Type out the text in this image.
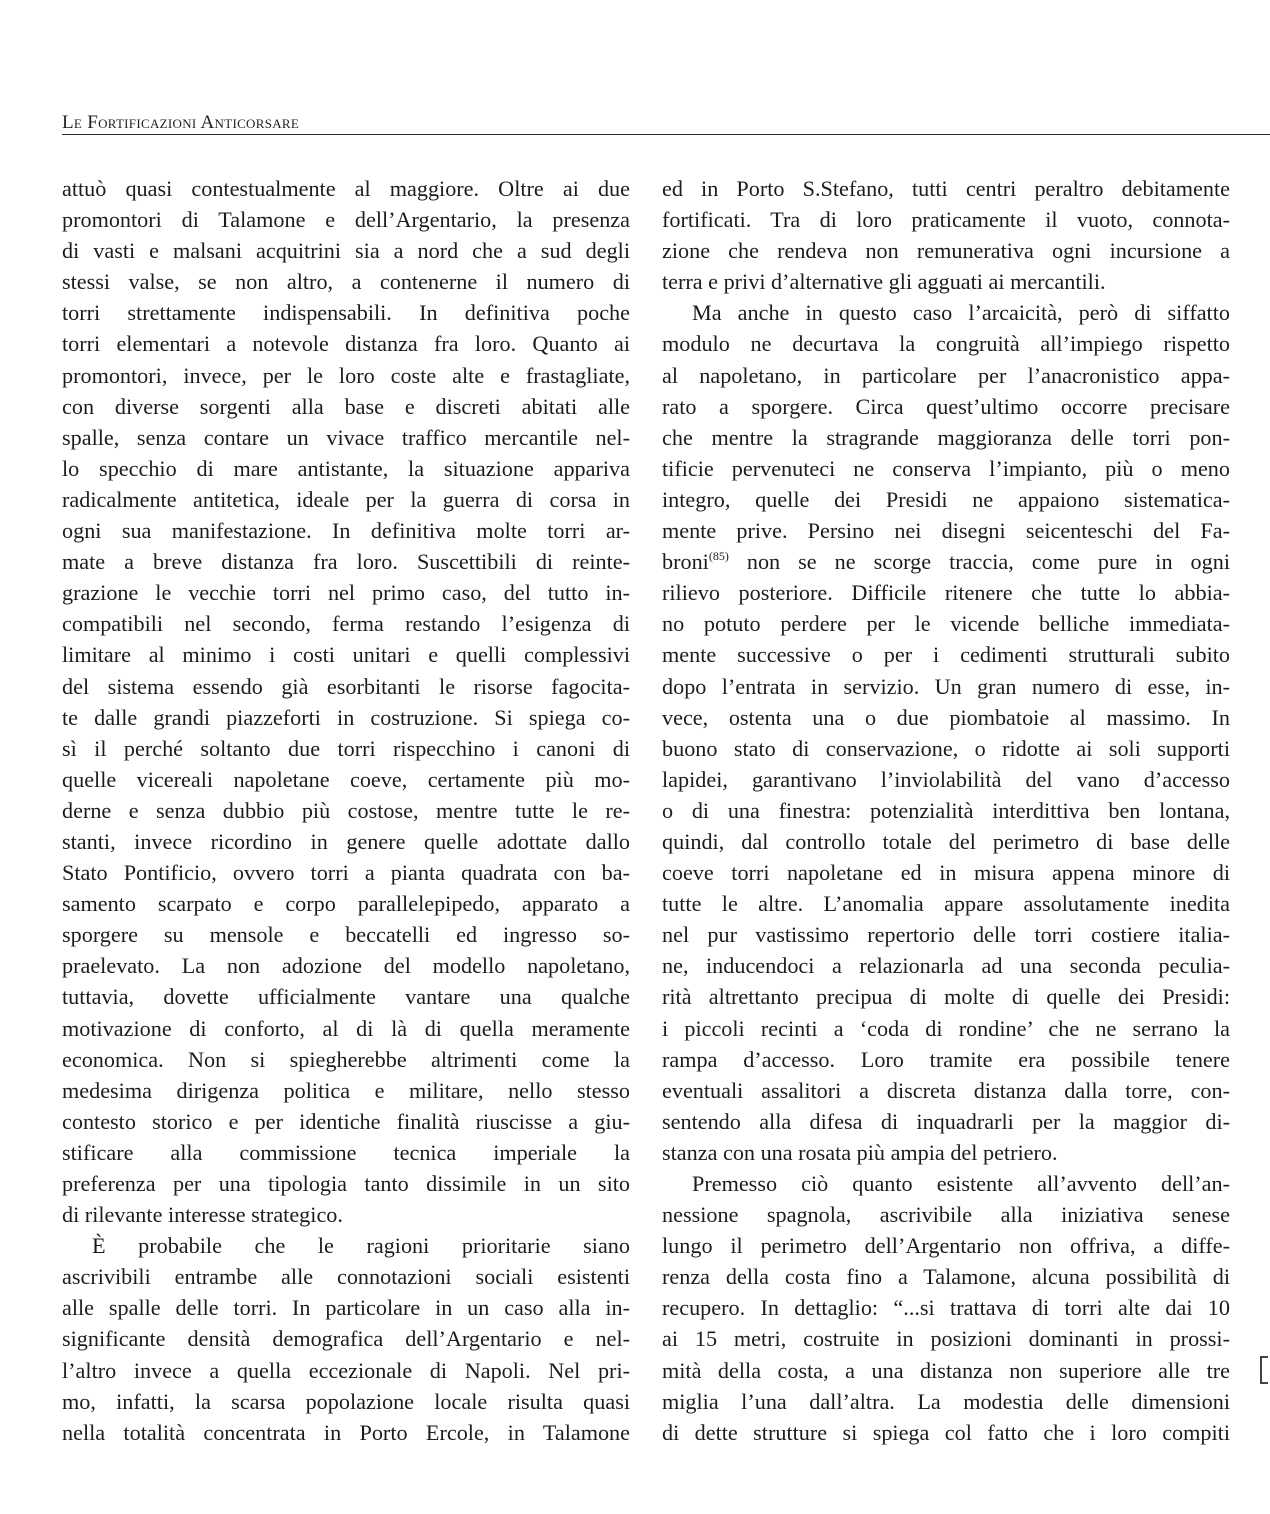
Le Fortificazioni Anticorsare
attuò quasi contestualmente al maggiore. Oltre ai due
promontori di Talamone e dell’Argentario, la presenza
di vasti e malsani acquitrini sia a nord che a sud degli
stessi valse, se non altro, a contenerne il numero di
torri strettamente indispensabili. In definitiva poche
torri elementari a notevole distanza fra loro. Quanto ai
promontori, invece, per le loro coste alte e frastagliate,
con diverse sorgenti alla base e discreti abitati alle
spalle, senza contare un vivace traffico mercantile nel-
lo specchio di mare antistante, la situazione appariva
radicalmente antitetica, ideale per la guerra di corsa in
ogni sua manifestazione. In definitiva molte torri ar-
mate a breve distanza fra loro. Suscettibili di reinte-
grazione le vecchie torri nel primo caso, del tutto in-
compatibili nel secondo, ferma restando l’esigenza di
limitare al minimo i costi unitari e quelli complessivi
del sistema essendo già esorbitanti le risorse fagocita-
te dalle grandi piazzeforti in costruzione. Si spiega co-
sì il perché soltanto due torri rispecchino i canoni di
quelle vicereali napoletane coeve, certamente più mo-
derne e senza dubbio più costose, mentre tutte le re-
stanti, invece ricordino in genere quelle adottate dallo
Stato Pontificio, ovvero torri a pianta quadrata con ba-
samento scarpato e corpo parallelepipedo, apparato a
sporgere su mensole e beccatelli ed ingresso so-
praelevato. La non adozione del modello napoletano,
tuttavia, dovette ufficialmente vantare una qualche
motivazione di conforto, al di là di quella meramente
economica. Non si spiegherebbe altrimenti come la
medesima dirigenza politica e militare, nello stesso
contesto storico e per identiche finalità riuscisse a giu-
stificare alla commissione tecnica imperiale la
preferenza per una tipologia tanto dissimile in un sito
di rilevante interesse strategico.
È probabile che le ragioni prioritarie siano
ascrivibili entrambe alle connotazioni sociali esistenti
alle spalle delle torri. In particolare in un caso alla in-
significante densità demografica dell’Argentario e nel-
l’altro invece a quella eccezionale di Napoli. Nel pri-
mo, infatti, la scarsa popolazione locale risulta quasi
nella totalità concentrata in Porto Ercole, in Talamone
ed in Porto S.Stefano, tutti centri peraltro debitamente
fortificati. Tra di loro praticamente il vuoto, connota-
zione che rendeva non remunerativa ogni incursione a
terra e privi d’alternative gli agguati ai mercantili.
Ma anche in questo caso l’arcaicità, però di siffatto
modulo ne decurtava la congruità all’impiego rispetto
al napoletano, in particolare per l’anacronistico appa-
rato a sporgere. Circa quest’ultimo occorre precisare
che mentre la stragrande maggioranza delle torri pon-
tificie pervenuteci ne conserva l’impianto, più o meno
integro, quelle dei Presidi ne appaiono sistematica-
mente prive. Persino nei disegni seicenteschi del Fa-
broni$^{(85)}$ non se ne scorge traccia, come pure in ogni
rilievo posteriore. Difficile ritenere che tutte lo abbia-
no potuto perdere per le vicende belliche immediata-
mente successive o per i cedimenti strutturali subito
dopo l’entrata in servizio. Un gran numero di esse, in-
vece, ostenta una o due piombatoie al massimo. In
buono stato di conservazione, o ridotte ai soli supporti
lapidei, garantivano l’inviolabilità del vano d’accesso
o di una finestra: potenzialità interdittiva ben lontana,
quindi, dal controllo totale del perimetro di base delle
coeve torri napoletane ed in misura appena minore di
tutte le altre. L’anomalia appare assolutamente inedita
nel pur vastissimo repertorio delle torri costiere italia-
ne, inducendoci a relazionarla ad una seconda peculia-
rità altrettanto precipua di molte di quelle dei Presidi:
i piccoli recinti a ‘coda di rondine’ che ne serrano la
rampa d’accesso. Loro tramite era possibile tenere
eventuali assalitori a discreta distanza dalla torre, con-
sentendo alla difesa di inquadrarli per la maggior di-
stanza con una rosata più ampia del petriero.
Premesso ciò quanto esistente all’avvento dell’an-
nessione spagnola, ascrivibile alla iniziativa senese
lungo il perimetro dell’Argentario non offriva, a diffe-
renza della costa fino a Talamone, alcuna possibilità di
recupero. In dettaglio: “...si trattava di torri alte dai 10
ai 15 metri, costruite in posizioni dominanti in prossi-
mità della costa, a una distanza non superiore alle tre
miglia l’una dall’altra. La modestia delle dimensioni
di dette strutture si spiega col fatto che i loro compiti
